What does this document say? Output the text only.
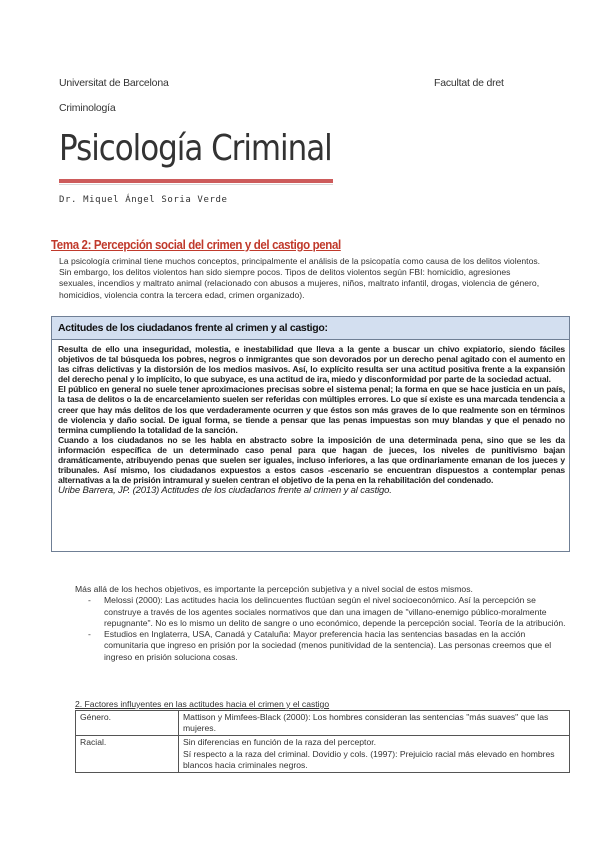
Universitat de Barcelona	Facultat de dret
Criminología
Psicología Criminal
Dr. Miquel Ángel Soria Verde
Tema 2: Percepción social del crimen y del castigo penal
La psicología criminal tiene muchos conceptos, principalmente el análisis de la psicopatía como causa de los delitos violentos. Sin embargo, los delitos violentos han sido siempre pocos. Tipos de delitos violentos según FBI: homicidio, agresiones sexuales, incendios y maltrato animal (relacionado con abusos a mujeres, niños, maltrato infantil, drogas, violencia de género, homicidios, violencia contra la tercera edad, crimen organizado).
Actitudes de los ciudadanos frente al crimen y al castigo:

Resulta de ello una inseguridad, molestia, e inestabilidad que lleva a la gente a buscar un chivo expiatorio, siendo fáciles objetivos de tal búsqueda los pobres, negros o inmigrantes que son devorados por un derecho penal agitado con el aumento en las cifras delictivas y la distorsión de los medios masivos. Así, lo explícito resulta ser una actitud positiva frente a la expansión del derecho penal y lo implícito, lo que subyace, es una actitud de ira, miedo y disconformidad por parte de la sociedad actual.

El público en general no suele tener aproximaciones precisas sobre el sistema penal; la forma en que se hace justicia en un país, la tasa de delitos o la de encarcelamiento suelen ser referidas con múltiples errores. Lo que sí existe es una marcada tendencia a creer que hay más delitos de los que verdaderamente ocurren y que éstos son más graves de lo que realmente son en términos de violencia y daño social. De igual forma, se tiende a pensar que las penas impuestas son muy blandas y que el penado no termina cumpliendo la totalidad de la sanción.

Cuando a los ciudadanos no se les habla en abstracto sobre la imposición de una determinada pena, sino que se les da información específica de un determinado caso penal para que hagan de jueces, los niveles de punitivismo bajan dramáticamente, atribuyendo penas que suelen ser iguales, incluso inferiores, a las que ordinariamente emanan de los jueces y tribunales. Así mismo, los ciudadanos expuestos a estos casos -escenario se encuentran dispuestos a contemplar penas alternativas a la de prisión intramural y suelen centran el objetivo de la pena en la rehabilitación del condenado.

Uribe Barrera, JP. (2013) Actitudes de los ciudadanos frente al crimen y al castigo.

Más allá de los hechos objetivos, es importante la percepción subjetiva y a nivel social de estos mismos.

- Melossi (2000): Las actitudes hacia los delincuentes fluctúan según el nivel socioeconómico. Así la percepción se construye a través de los agentes sociales normativos que dan una imagen de "villano-enemigo público-moralmente repugnante". No es lo mismo un delito de sangre o uno económico, depende la percepción social. Teoría de la atribución.

- Estudios en Inglaterra, USA, Canadá y Cataluña: Mayor preferencia hacia las sentencias basadas en la acción comunitaria que ingreso en prisión por la sociedad (menos punitividad de la sentencia). Las personas creemos que el ingreso en prisión soluciona cosas.

2. Factores influyentes en las actitudes hacia el crimen y el castigo
Género.	Mattison y Mimfees-Black (2000): Los hombres consideran las sentencias "más suaves" que las mujeres.

Racial.	Sin diferencias en función de la raza del perceptor.
Sí respecto a la raza del criminal. Dovidio y cols. (1997): Prejuicio racial más elevado en hombres blancos hacia criminales negros.
